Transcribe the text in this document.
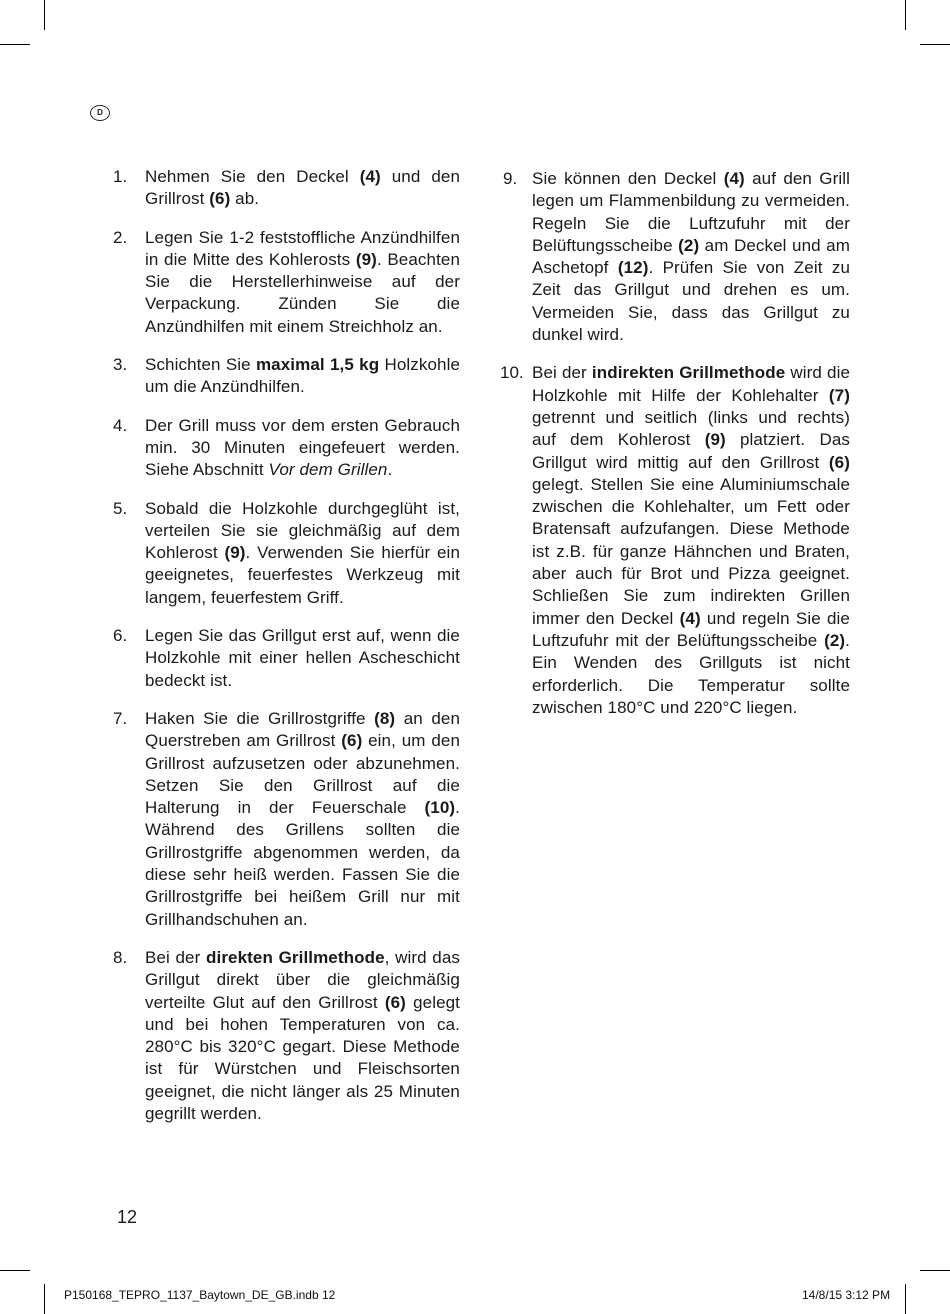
D
1. Nehmen Sie den Deckel (4) und den Grillrost (6) ab.

2. Legen Sie 1-2 feststoffliche Anzündhilfen in die Mitte des Kohlerosts (9). Beachten Sie die Herstellerhinweise auf der Verpackung. Zünden Sie die Anzündhilfen mit einem Streichholz an.

3. Schichten Sie maximal 1,5 kg Holzkohle um die Anzündhilfen.

4. Der Grill muss vor dem ersten Gebrauch min. 30 Minuten eingefeuert werden. Siehe Abschnitt Vor dem Grillen.

5. Sobald die Holzkohle durchgeglüht ist, verteilen Sie sie gleichmäßig auf dem Kohlerost (9). Verwenden Sie hierfür ein geeignetes, feuerfestes Werkzeug mit langem, feuerfestem Griff.

6. Legen Sie das Grillgut erst auf, wenn die Holzkohle mit einer hellen Ascheschicht bedeckt ist.

7. Haken Sie die Grillrostgriffe (8) an den Querstreben am Grillrost (6) ein, um den Grillrost aufzusetzen oder abzunehmen. Setzen Sie den Grillrost auf die Halterung in der Feuerschale (10). Während des Grillens sollten die Grillrostgriffe abgenommen werden, da diese sehr heiß werden. Fassen Sie die Grillrostgriffe bei heißem Grill nur mit Grillhandschuhen an.

8. Bei der direkten Grillmethode, wird das Grillgut direkt über die gleichmäßig verteilte Glut auf den Grillrost (6) gelegt und bei hohen Temperaturen von ca. 280°C bis 320°C gegart. Diese Methode ist für Würstchen und Fleischsorten geeignet, die nicht länger als 25 Minuten gegrillt werden.

9. Sie können den Deckel (4) auf den Grill legen um Flammenbildung zu vermeiden. Regeln Sie die Luftzufuhr mit der Belüftungsscheibe (2) am Deckel und am Aschetopf (12). Prüfen Sie von Zeit zu Zeit das Grillgut und drehen es um. Vermeiden Sie, dass das Grillgut zu dunkel wird.

10. Bei der indirekten Grillmethode wird die Holzkohle mit Hilfe der Kohlehalter (7) getrennt und seitlich (links und rechts) auf dem Kohlerost (9) platziert. Das Grillgut wird mittig auf den Grillrost (6) gelegt. Stellen Sie eine Aluminiumschale zwischen die Kohlehalter, um Fett oder Bratensaft aufzufangen. Diese Methode ist z.B. für ganze Hähnchen und Braten, aber auch für Brot und Pizza geeignet. Schließen Sie zum indirekten Grillen immer den Deckel (4) und regeln Sie die Luftzufuhr mit der Belüftungsscheibe (2). Ein Wenden des Grillguts ist nicht erforderlich. Die Temperatur sollte zwischen 180°C und 220°C liegen.

12
P150168_TEPRO_1137_Baytown_DE_GB.indb 12	14/8/15 3:12 PM
